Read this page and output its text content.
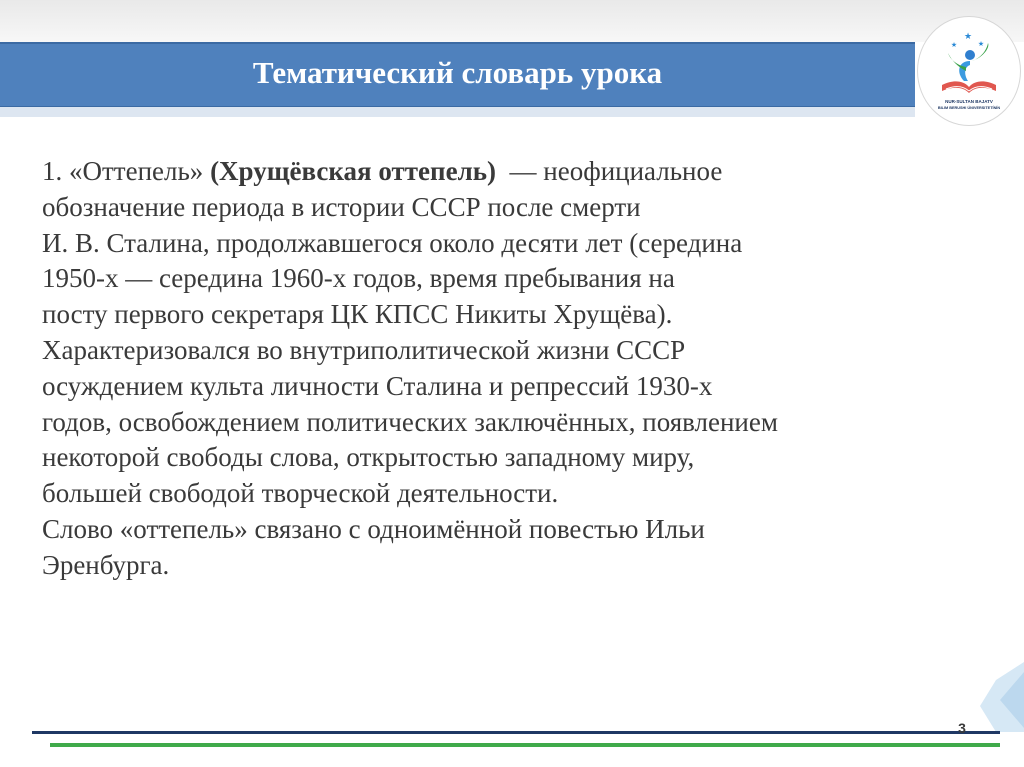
Тематический словарь урока
★
★	★
NUR-SULTAN BAJATV
BILIM BERUSHI ÚNIVERSITETÍNÍN
1. «Оттепель» (Хрущёвская оттепель) — неофициальное
обозначение периода в истории СССР после смерти
И. В. Сталина, продолжавшегося около десяти лет (середина
1950-х — середина 1960-х годов, время пребывания на
посту первого секретаря ЦК КПСС Никиты Хрущёва).
Характеризовался во внутриполитической жизни СССР
осуждением культа личности Сталина и репрессий 1930-х
годов, освобождением политических заключённых, появлением
некоторой свободы слова, открытостью западному миру,
большей свободой творческой деятельности.
Слово «оттепель» связано с одноимённой повестью Ильи
Эренбурга.
3
